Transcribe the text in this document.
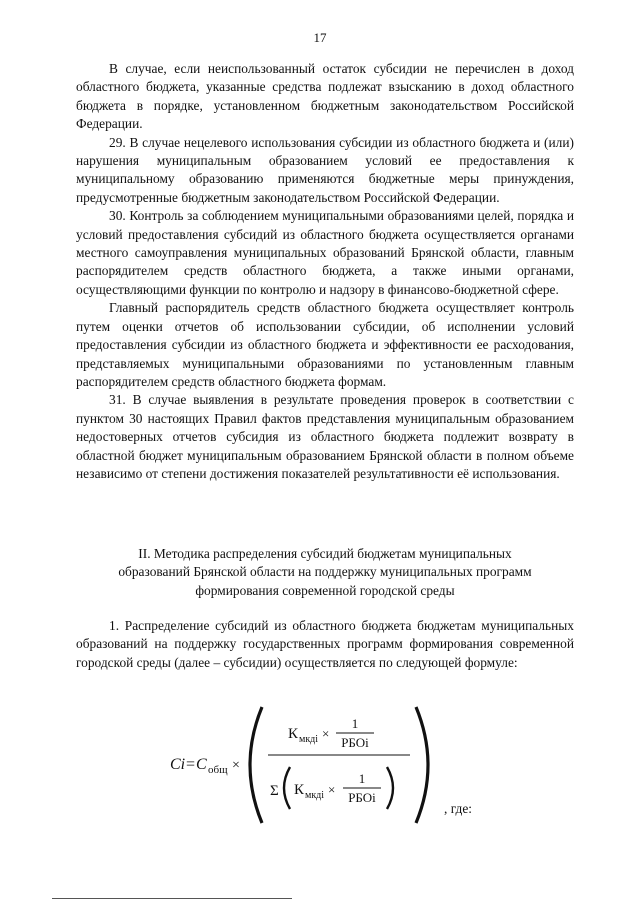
17

В случае, если неиспользованный остаток субсидии не перечислен в доход областного бюджета, указанные средства подлежат взысканию в доход областного бюджета в порядке, установленном бюджетным законодательством Российской Федерации.

29. В случае нецелевого использования субсидии из областного бюджета и (или) нарушения муниципальным образованием условий ее предоставления к муниципальному образованию применяются бюджетные меры принуждения, предусмотренные бюджетным законодательством Российской Федерации.

30. Контроль за соблюдением муниципальными образованиями целей, порядка и условий предоставления субсидий из областного бюджета осуществляется органами местного самоуправления муниципальных образований Брянской области, главным распорядителем средств областного бюджета, а также иными органами, осуществляющими функции по контролю и надзору в финансово-бюджетной сфере.

Главный распорядитель средств областного бюджета осуществляет контроль путем оценки отчетов об использовании субсидии, об исполнении условий предоставления субсидии из областного бюджета и эффективности ее расходования, представляемых муниципальными образованиями по установленным главным распорядителем средств областного бюджета формам.

31. В случае выявления в результате проведения проверок в соответствии с пунктом 30 настоящих Правил фактов представления муниципальным образованием недостоверных отчетов субсидия из областного бюджета подлежит возврату в областной бюджет муниципальным образованием Брянской области в полном объеме независимо от степени достижения показателей результативности её использования.

II. Методика распределения субсидий бюджетам муниципальных
образований Брянской области на поддержку муниципальных программ
формирования современной городской среды

1. Распределение субсидий из областного бюджета бюджетам муниципальных образований на поддержку государственных программ формирования современной городской среды (далее – субсидии) осуществляется по следующей формуле:

Ci = C общ ×
К мкдi ×
1
РБОi
Σ К мкдi ×
1
РБОi
, где:
